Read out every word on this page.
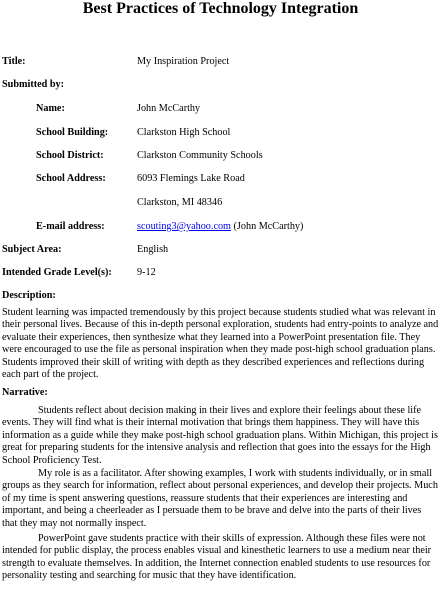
Best Practices of Technology Integration
Title:	My Inspiration Project
Submitted by:
Name:	John McCarthy
School Building:	Clarkston High School
School District:	Clarkston Community Schools
School Address:	6093 Flemings Lake Road
Clarkston, MI 48346
E-mail address:	scouting3@yahoo.com (John McCarthy)
Subject Area:	English
Intended Grade Level(s): 9-12
Description:
Student learning was impacted tremendously by this project because students studied what was relevant in their personal lives. Because of this in-depth personal exploration, students had entry-points to analyze and evaluate their experiences, then synthesize what they learned into a PowerPoint presentation file. They were encouraged to use the file as personal inspiration when they made post-high school graduation plans. Students improved their skill of writing with depth as they described experiences and reflections during each part of the project.
Narrative:
Students reflect about decision making in their lives and explore their feelings about these life events. They will find what is their internal motivation that brings them happiness. They will have this information as a guide while they make post-high school graduation plans. Within Michigan, this project is great for preparing students for the intensive analysis and reflection that goes into the essays for the High School Proficiency Test.
My role is as a facilitator. After showing examples, I work with students individually, or in small groups as they search for information, reflect about personal experiences, and develop their projects. Much of my time is spent answering questions, reassure students that their experiences are interesting and important, and being a cheerleader as I persuade them to be brave and delve into the parts of their lives that they may not normally inspect.
PowerPoint gave students practice with their skills of expression. Although these files were not intended for public display, the process enables visual and kinesthetic learners to use a medium near their strength to evaluate themselves. In addition, the Internet connection enabled students to use resources for personality testing and searching for music that they have identification.
